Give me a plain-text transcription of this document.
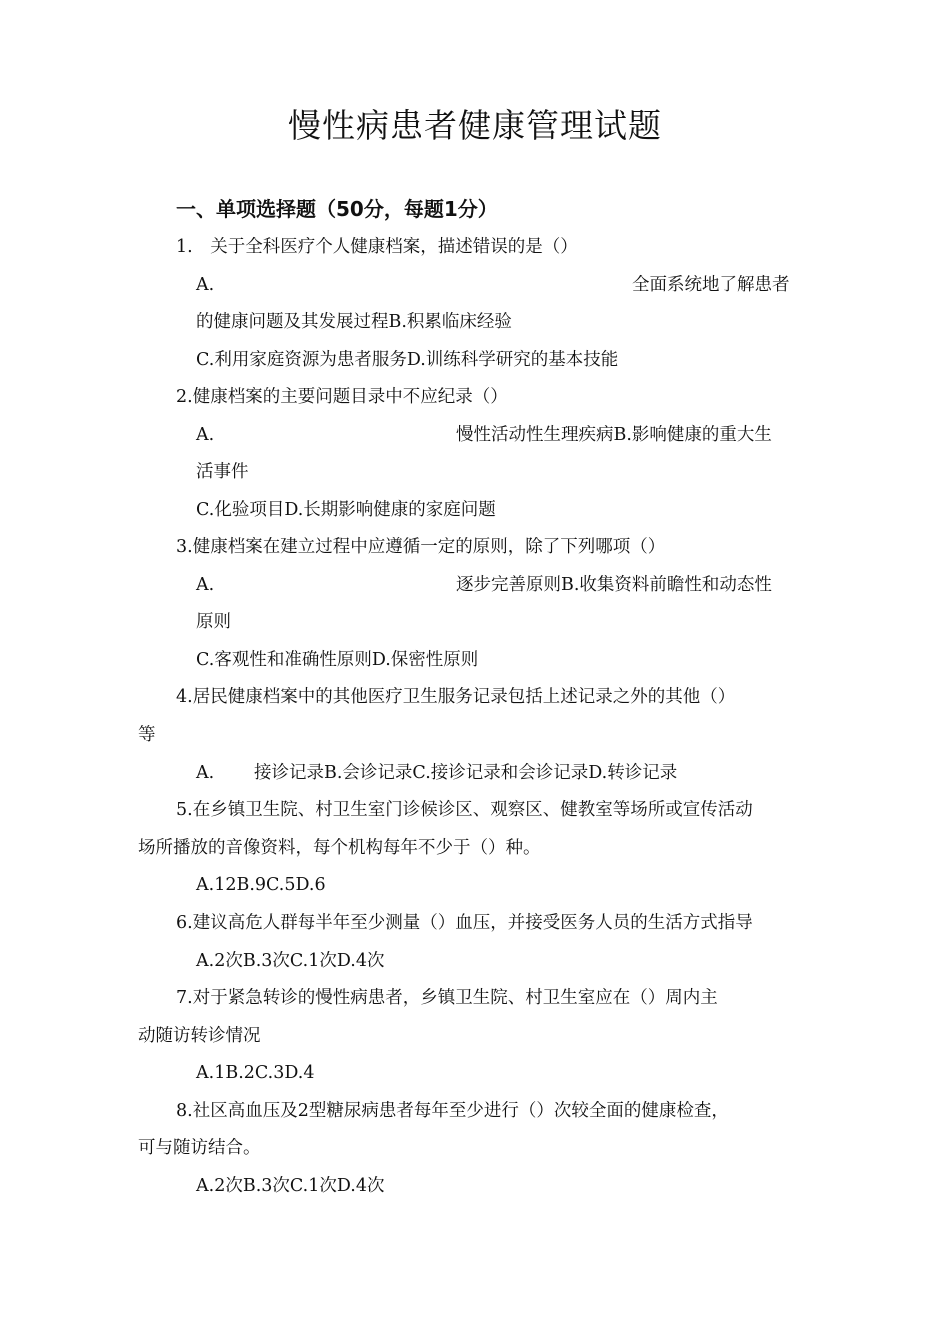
慢性病患者健康管理试题
一、单项选择题（50分，每题1分）
1.　关于全科医疗个人健康档案，描述错误的是（）
A.	全面系统地了解患者
的健康问题及其发展过程B.积累临床经验
C.利用家庭资源为患者服务D.训练科学研究的基本技能
2.健康档案的主要问题目录中不应纪录（）
A.	慢性活动性生理疾病B.影响健康的重大生
活事件
C.化验项目D.长期影响健康的家庭问题
3.健康档案在建立过程中应遵循一定的原则，除了下列哪项（）
A.	逐步完善原则B.收集资料前瞻性和动态性
原则
C.客观性和准确性原则D.保密性原则
4.居民健康档案中的其他医疗卫生服务记录包括上述记录之外的其他（）
等
A. 接诊记录B.会诊记录C.接诊记录和会诊记录D.转诊记录
5.在乡镇卫生院、村卫生室门诊候诊区、观察区、健教室等场所或宣传活动
场所播放的音像资料，每个机构每年不少于（）种。
A.12B.9C.5D.6
6.建议高危人群每半年至少测量（）血压，并接受医务人员的生活方式指导
A.2次B.3次C.1次D.4次
7.对于紧急转诊的慢性病患者，乡镇卫生院、村卫生室应在（）周内主
动随访转诊情况
A.1B.2C.3D.4
8.社区高血压及2型糖尿病患者每年至少进行（）次较全面的健康检查，
可与随访结合。
A.2次B.3次C.1次D.4次
